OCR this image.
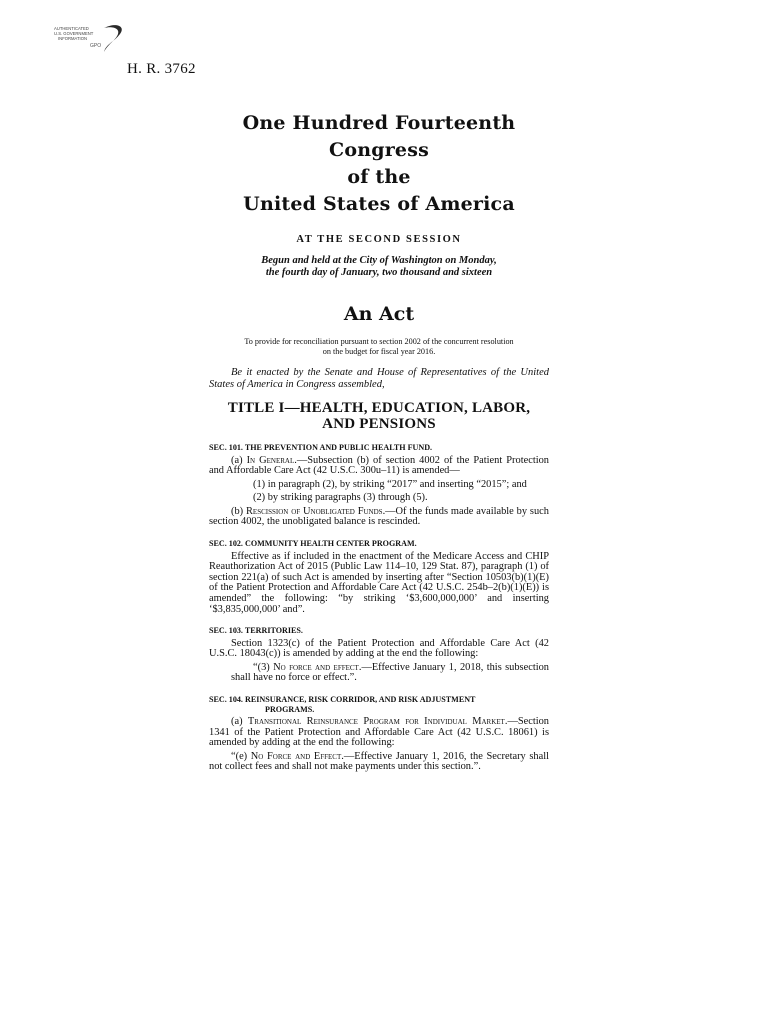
AUTHENTICATED
U.S. GOVERNMENT
INFORMATION
GPO
H. R. 3762
One Hundred Fourteenth Congress
of the
United States of America
AT THE SECOND SESSION
Begun and held at the City of Washington on Monday,
the fourth day of January, two thousand and sixteen
An Act
To provide for reconciliation pursuant to section 2002 of the concurrent resolution
on the budget for fiscal year 2016.
Be it enacted by the Senate and House of Representatives of the United States of America in Congress assembled,
TITLE I—HEALTH, EDUCATION, LABOR,
AND PENSIONS
SEC. 101. THE PREVENTION AND PUBLIC HEALTH FUND.

(a) In General.—Subsection (b) of section 4002 of the Patient Protection and Affordable Care Act (42 U.S.C. 300u–11) is amended—

(1) in paragraph (2), by striking “2017” and inserting “2015”; and

(2) by striking paragraphs (3) through (5).

(b) Rescission of Unobligated Funds.—Of the funds made available by such section 4002, the unobligated balance is rescinded.

SEC. 102. COMMUNITY HEALTH CENTER PROGRAM.

Effective as if included in the enactment of the Medicare Access and CHIP Reauthorization Act of 2015 (Public Law 114–10, 129 Stat. 87), paragraph (1) of section 221(a) of such Act is amended by inserting after “Section 10503(b)(1)(E) of the Patient Protection and Affordable Care Act (42 U.S.C. 254b–2(b)(1)(E)) is amended” the following: “by striking ‘$3,600,000,000’ and inserting ‘$3,835,000,000’ and”.

SEC. 103. TERRITORIES.

Section 1323(c) of the Patient Protection and Affordable Care Act (42 U.S.C. 18043(c)) is amended by adding at the end the following:

“(3) No force and effect.—Effective January 1, 2018, this subsection shall have no force or effect.”.

SEC. 104. REINSURANCE, RISK CORRIDOR, AND RISK ADJUSTMENT
PROGRAMS.

(a) Transitional Reinsurance Program for Individual Market.—Section 1341 of the Patient Protection and Affordable Care Act (42 U.S.C. 18061) is amended by adding at the end the following:

“(e) No Force and Effect.—Effective January 1, 2016, the Secretary shall not collect fees and shall not make payments under this section.”.
